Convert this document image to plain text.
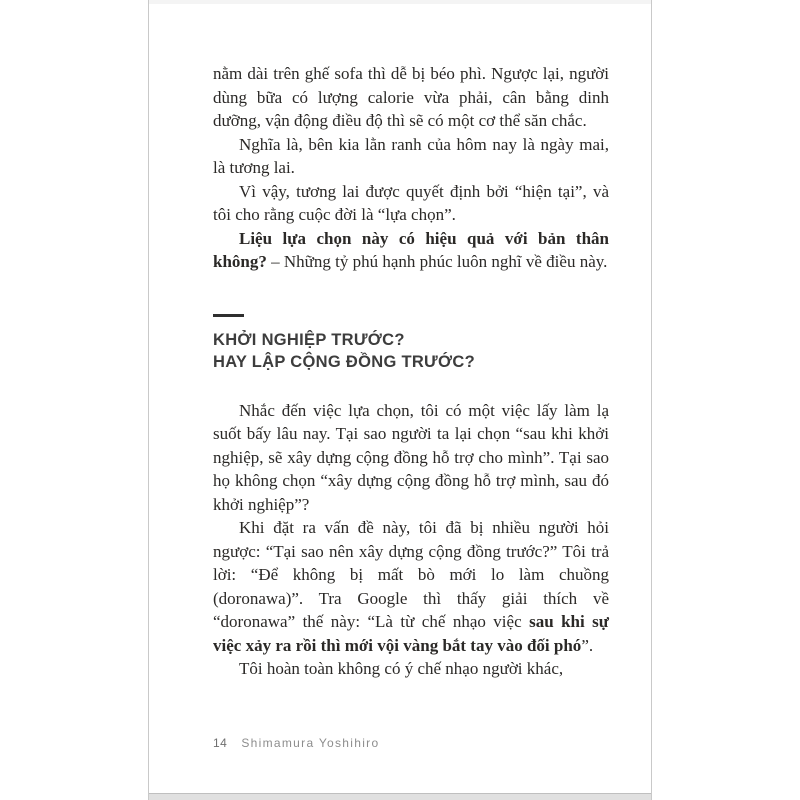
nằm dài trên ghế sofa thì dễ bị béo phì. Ngược lại, người dùng bữa có lượng calorie vừa phải, cân bằng dinh dưỡng, vận động điều độ thì sẽ có một cơ thể săn chắc.

Nghĩa là, bên kia lằn ranh của hôm nay là ngày mai, là tương lai.

Vì vậy, tương lai được quyết định bởi “hiện tại”, và tôi cho rằng cuộc đời là “lựa chọn”.

Liệu lựa chọn này có hiệu quả với bản thân không? – Những tỷ phú hạnh phúc luôn nghĩ về điều này.

KHỞI NGHIỆP TRƯỚC?
HAY LẬP CỘNG ĐỒNG TRƯỚC?

Nhắc đến việc lựa chọn, tôi có một việc lấy làm lạ suốt bấy lâu nay. Tại sao người ta lại chọn “sau khi khởi nghiệp, sẽ xây dựng cộng đồng hỗ trợ cho mình”. Tại sao họ không chọn “xây dựng cộng đồng hỗ trợ mình, sau đó khởi nghiệp”?

Khi đặt ra vấn đề này, tôi đã bị nhiều người hỏi ngược: “Tại sao nên xây dựng cộng đồng trước?” Tôi trả lời: “Để không bị mất bò mới lo làm chuồng (doronawa)”. Tra Google thì thấy giải thích về “doronawa” thế này: “Là từ chế nhạo việc sau khi sự việc xảy ra rồi thì mới vội vàng bắt tay vào đối phó”.

Tôi hoàn toàn không có ý chế nhạo người khác,

14 Shimamura Yoshihiro
